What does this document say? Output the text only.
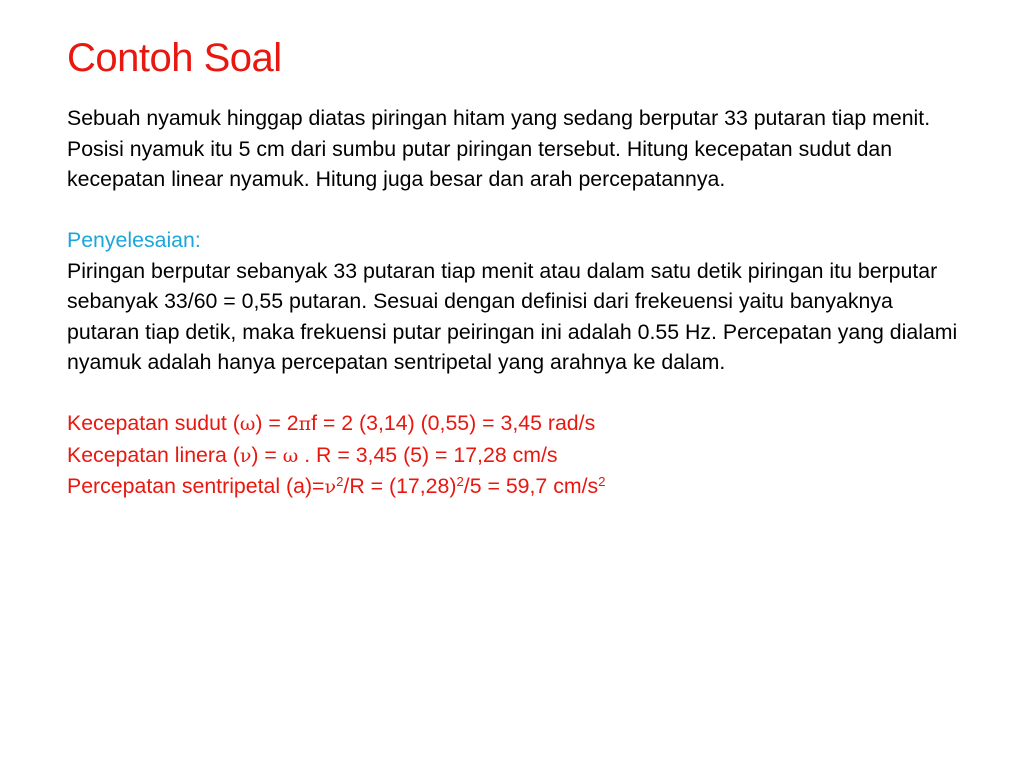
Contoh Soal

Sebuah nyamuk hinggap diatas piringan hitam yang sedang berputar 33 putaran tiap menit. Posisi nyamuk itu 5 cm dari sumbu putar piringan tersebut. Hitung kecepatan sudut dan kecepatan linear nyamuk. Hitung juga besar dan arah percepatannya.

Penyelesaian:

Piringan berputar sebanyak 33 putaran tiap menit atau dalam satu detik piringan itu berputar sebanyak 33/60 = 0,55 putaran. Sesuai dengan definisi dari frekeuensi yaitu banyaknya putaran tiap detik, maka frekuensi putar peiringan ini adalah 0.55 Hz. Percepatan yang dialami nyamuk adalah hanya percepatan sentripetal yang arahnya ke dalam.

Kecepatan sudut (ω) = 2πf = 2 (3,14) (0,55) = 3,45 rad/s

Kecepatan linera (ν) = ω . R = 3,45 (5) = 17,28 cm/s

Percepatan sentripetal $(a)=\nu^2/R = (17,28)^2/5 = 59,7$ $cm/s^2$
